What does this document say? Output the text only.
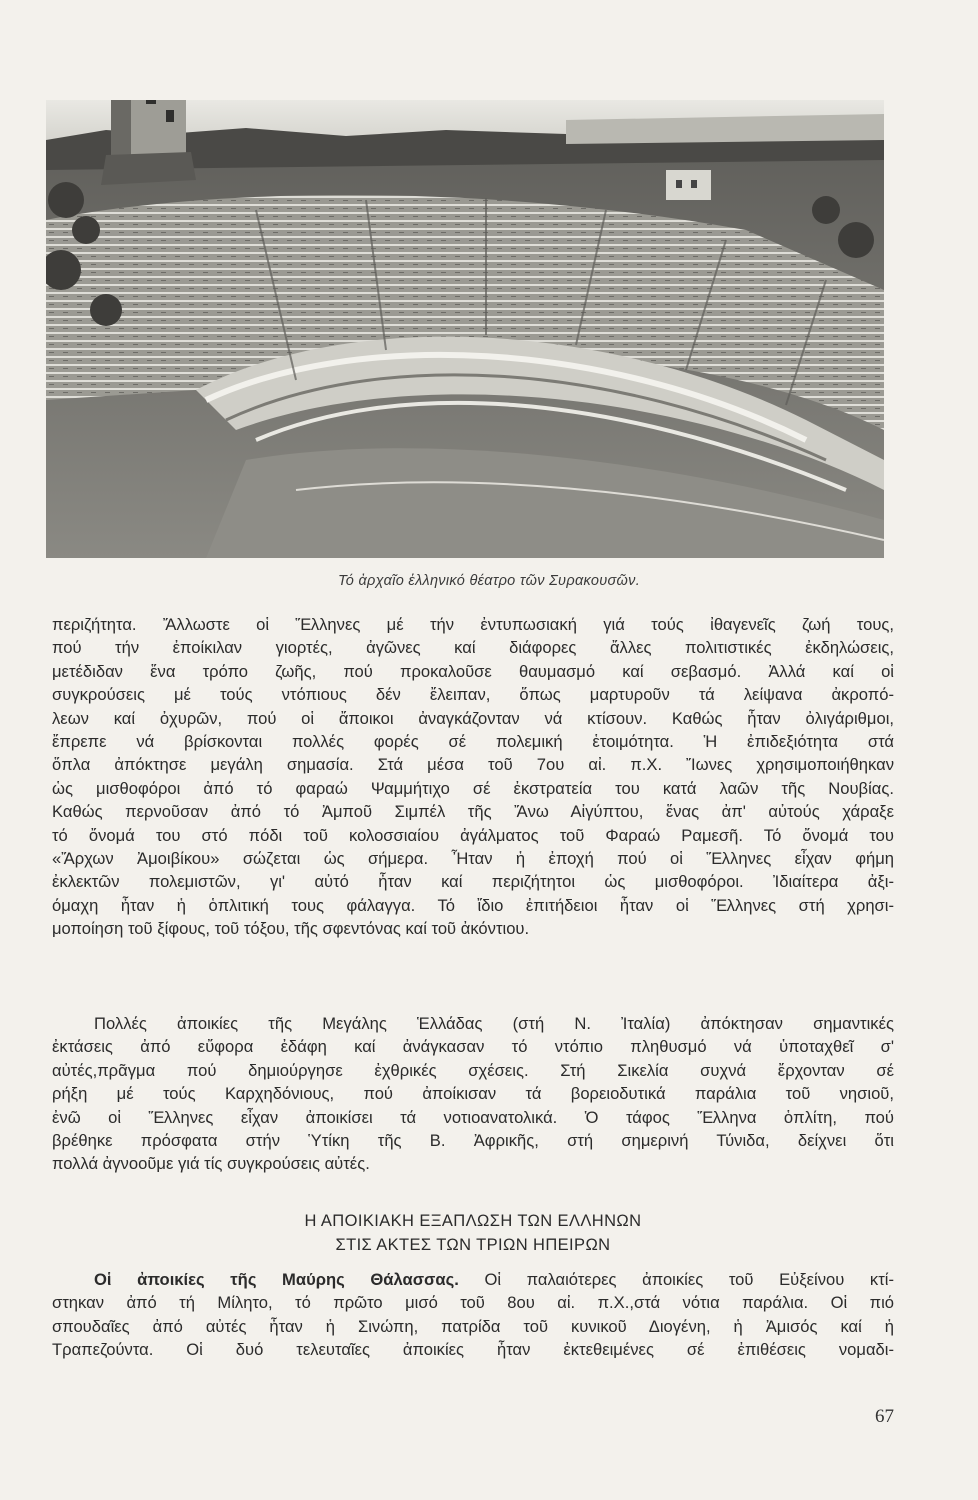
Τό ἀρχαῖο ἑλληνικό θέατρο τῶν Συρακουσῶν.

περιζήτητα. Ἄλλωστε οἱ Ἕλληνες μέ τήν ἐντυπωσιακή γιά τούς ἰθαγενεῖς ζωή τους,

πού τήν ἐποίκιλαν γιορτές, ἀγῶνες καί διάφορες ἄλλες πολιτιστικές ἐκδηλώσεις,

μετέδιδαν ἕνα τρόπο ζωῆς, πού προκαλοῦσε θαυμασμό καί σεβασμό. Ἀλλά καί οἱ

συγκρούσεις μέ τούς ντόπιους δέν ἔλειπαν, ὅπως μαρτυροῦν τά λείψανα ἀκροπό-

λεων καί ὀχυρῶν, πού οἱ ἄποικοι ἀναγκάζονταν νά κτίσουν. Καθώς ἦταν ὀλιγάριθμοι,

ἔπρεπε νά βρίσκονται πολλές φορές σέ πολεμική ἑτοιμότητα. Ἡ ἐπιδεξιότητα στά

ὅπλα ἀπόκτησε μεγάλη σημασία. Στά μέσα τοῦ 7ου αἰ. π.Χ. Ἴωνες χρησιμοποιήθηκαν

ὡς μισθοφόροι ἀπό τό φαραώ Ψαμμήτιχο σέ ἐκστρατεία του κατά λαῶν τῆς Νουβίας.

Καθώς περνοῦσαν ἀπό τό Ἀμποῦ Σιμπέλ τῆς Ἄνω Αἰγύπτου, ἕνας ἀπ' αὐτούς χάραξε

τό ὄνομά του στό πόδι τοῦ κολοσσιαίου ἀγάλματος τοῦ Φαραώ Ραμεσῆ. Τό ὄνομά του

«Ἄρχων Ἀμοιβίκου» σώζεται ὡς σήμερα. Ἦταν ἡ ἐποχή πού οἱ Ἕλληνες εἶχαν φήμη

ἐκλεκτῶν πολεμιστῶν, γι' αὐτό ἦταν καί περιζήτητοι ὡς μισθοφόροι. Ἰδιαίτερα ἀξι-

όμαχη ἦταν ἡ ὁπλιτική τους φάλαγγα. Τό ἴδιο ἐπιτήδειοι ἦταν οἱ Ἕλληνες στή χρησι-

μοποίηση τοῦ ξίφους, τοῦ τόξου, τῆς σφεντόνας καί τοῦ ἀκόντιου.

Πολλές ἀποικίες τῆς Μεγάλης Ἑλλάδας (στή Ν. Ἰταλία) ἀπόκτησαν σημαντικές

ἐκτάσεις ἀπό εὔφορα ἐδάφη καί ἀνάγκασαν τό ντόπιο πληθυσμό νά ὑποταχθεῖ σ'

αὐτές,πρᾶγμα πού δημιούργησε ἐχθρικές σχέσεις. Στή Σικελία συχνά ἔρχονταν σέ

ρήξη μέ τούς Καρχηδόνιους, πού ἀποίκισαν τά βορειοδυτικά παράλια τοῦ νησιοῦ,

ἐνῶ οἱ Ἕλληνες εἶχαν ἀποικίσει τά νοτιοανατολικά. Ὁ τάφος Ἕλληνα ὁπλίτη, πού

βρέθηκε πρόσφατα στήν Ὑτίκη τῆς Β. Ἀφρικῆς, στή σημερινή Τύνιδα, δείχνει ὅτι

πολλά ἀγνοοῦμε γιά τίς συγκρούσεις αὐτές.

Η ΑΠΟΙΚΙΑΚΗ ΕΞΑΠΛΩΣΗ ΤΩΝ ΕΛΛΗΝΩΝ
ΣΤΙΣ ΑΚΤΕΣ ΤΩΝ ΤΡΙΩΝ ΗΠΕΙΡΩΝ

Οἱ ἀποικίες τῆς Μαύρης Θάλασσας. Οἱ παλαιότερες ἀποικίες τοῦ Εὐξείνου κτί-

στηκαν ἀπό τή Μίλητο, τό πρῶτο μισό τοῦ 8ου αἰ. π.Χ.,στά νότια παράλια. Οἱ πιό

σπουδαῖες ἀπό αὐτές ἦταν ἡ Σινώπη, πατρίδα τοῦ κυνικοῦ Διογένη, ἡ Ἀμισός καί ἡ

Τραπεζούντα. Οἱ δυό τελευταῖες ἀποικίες ἦταν ἐκτεθειμένες σέ ἐπιθέσεις νομαδι-

67
